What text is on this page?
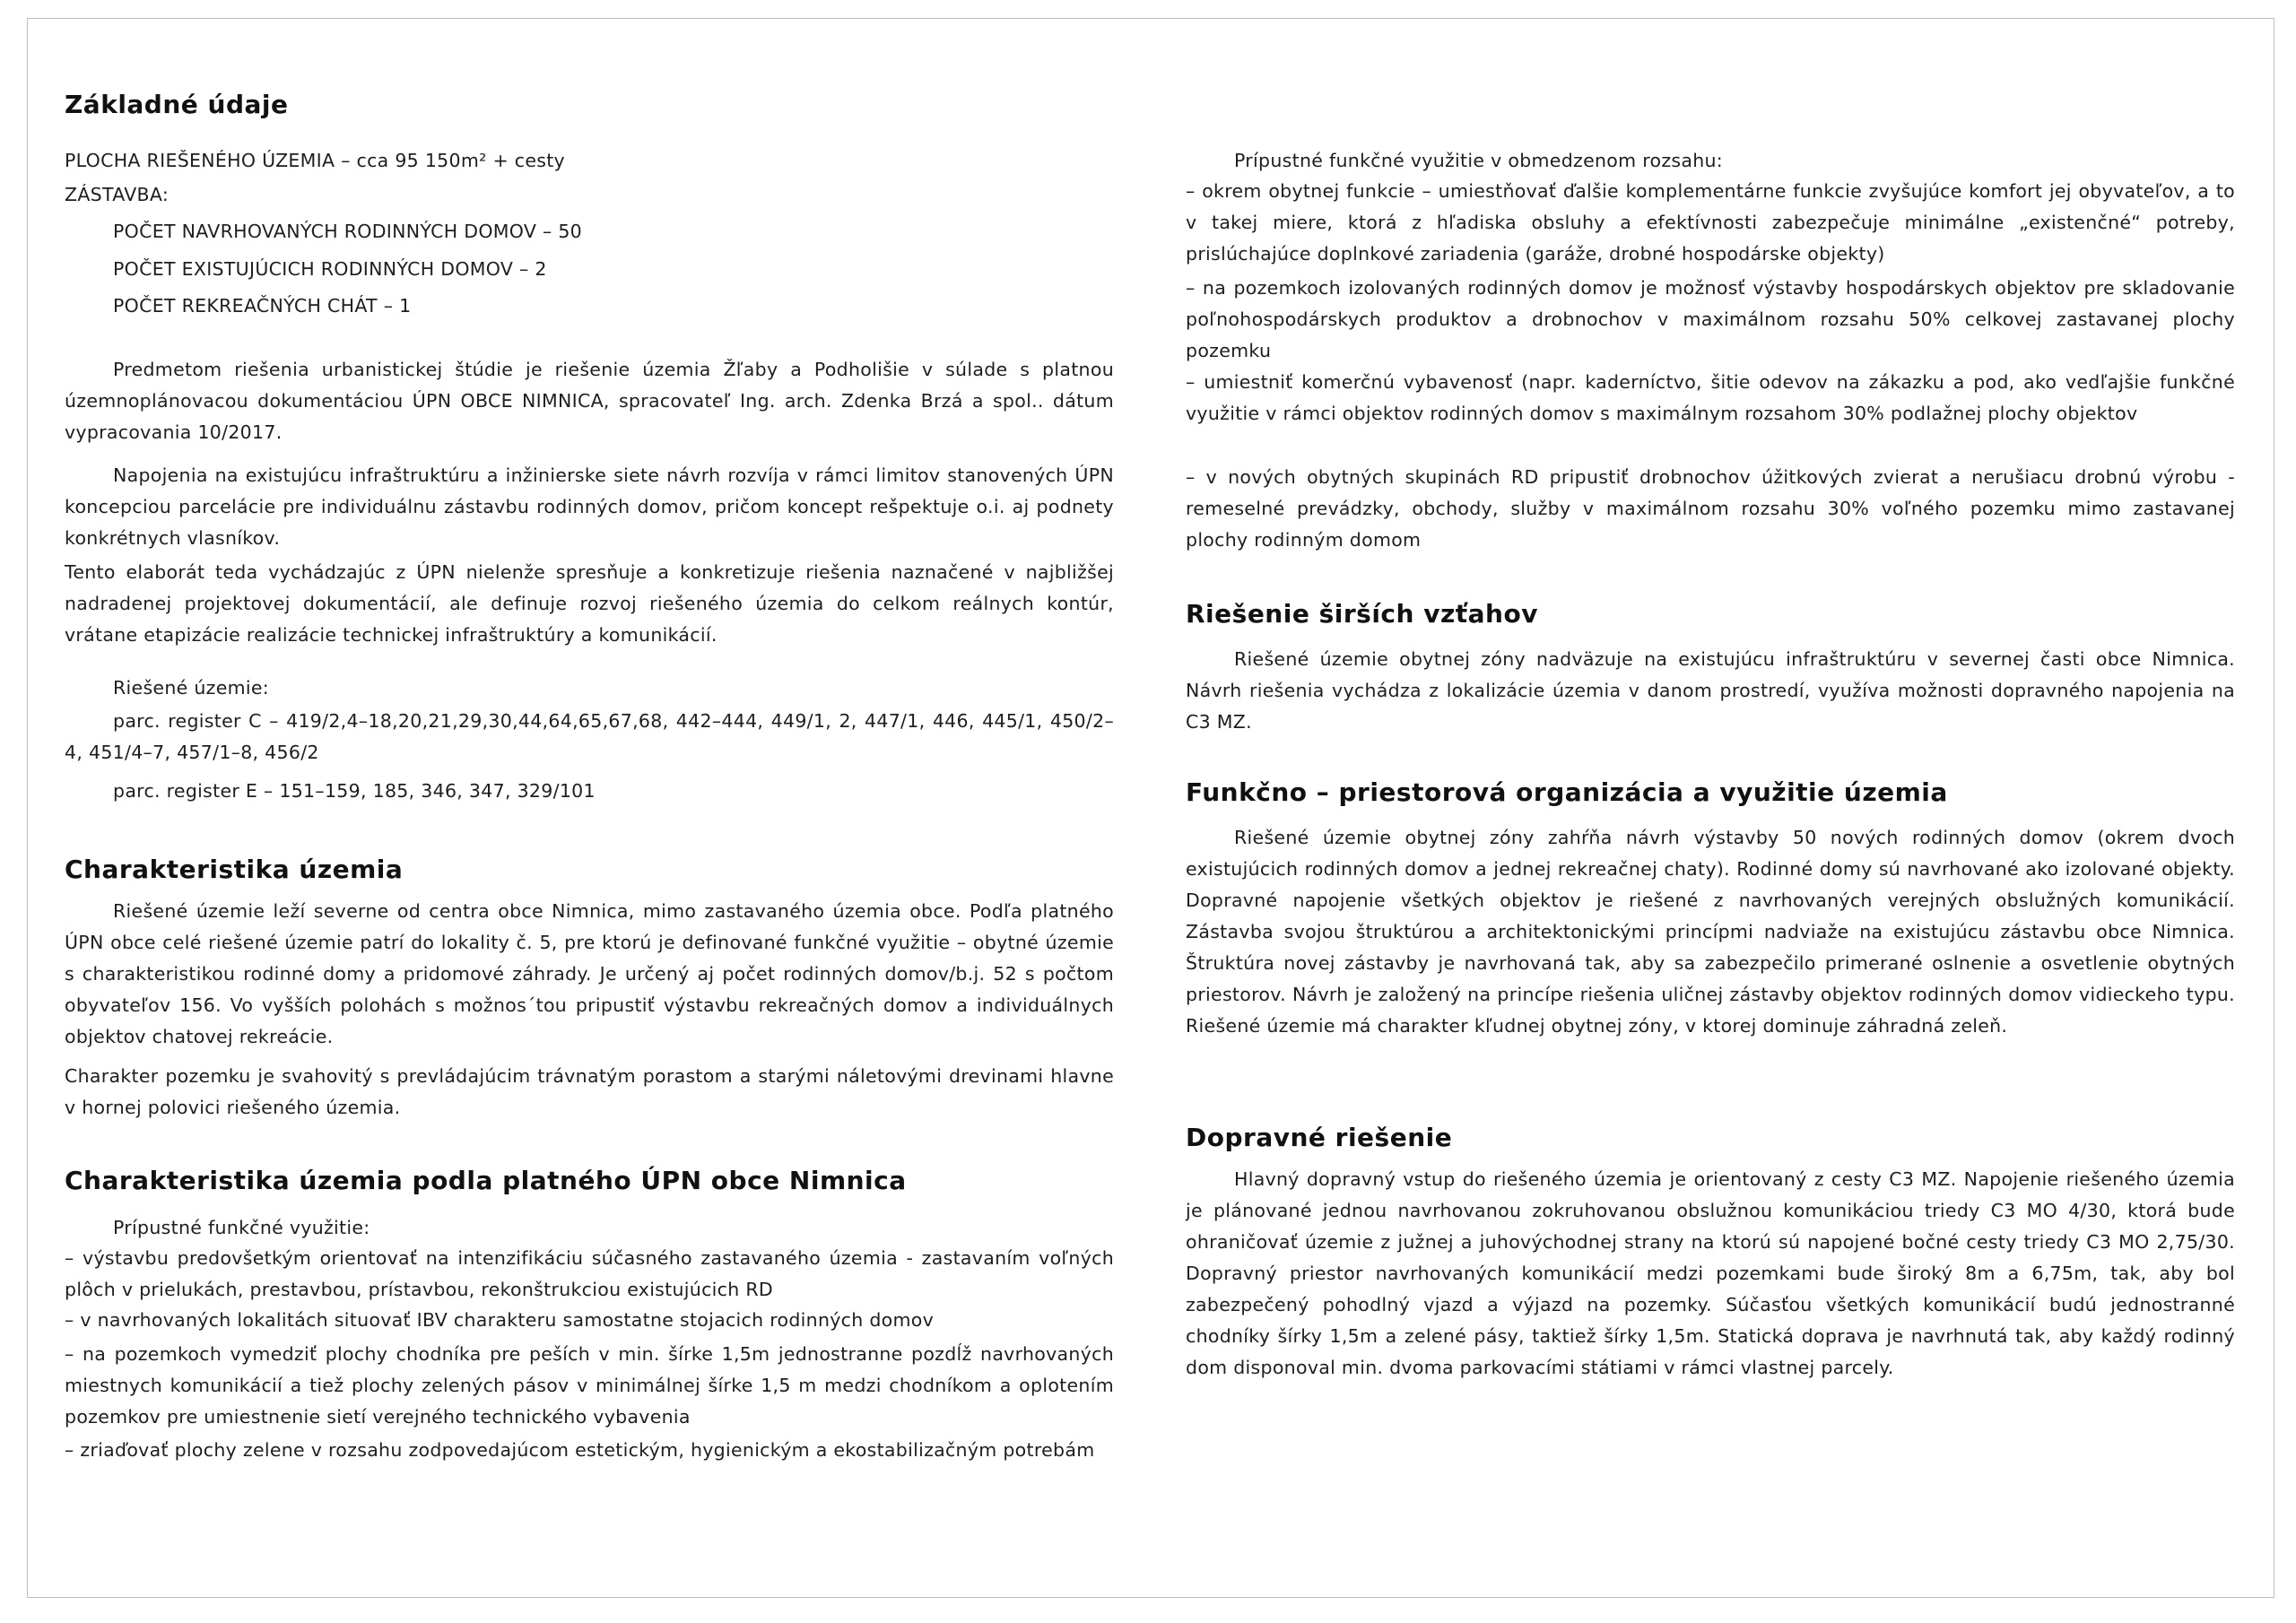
Základné údaje
PLOCHA RIEŠENÉHO ÚZEMIA – cca 95 150m² + cesty
ZÁSTAVBA:
POČET NAVRHOVANÝCH RODINNÝCH DOMOV – 50
POČET EXISTUJÚCICH RODINNÝCH DOMOV – 2
POČET REKREAČNÝCH CHÁT – 1

Predmetom riešenia urbanistickej štúdie je riešenie územia Žľaby a Podholišie v súlade s platnou územnoplánovacou dokumentáciou ÚPN OBCE NIMNICA, spracovateľ Ing. arch. Zdenka Brzá a spol.. dátum vypracovania 10/2017.

Napojenia na existujúcu infraštruktúru a inžinierske siete návrh rozvíja v rámci limitov stanovených ÚPN koncepciou parcelácie pre individuálnu zástavbu rodinných domov, pričom koncept rešpektuje o.i. aj podnety konkrétnych vlasníkov.

Tento elaborát teda vychádzajúc z ÚPN nielenže spresňuje a konkretizuje riešenia naznačené v najbližšej nadradenej projektovej dokumentácií, ale definuje rozvoj riešeného územia do celkom reálnych kontúr, vrátane etapizácie realizácie technickej infraštruktúry a komunikácií.

Riešené územie:

parc. register C – 419/2,4–18,20,21,29,30,44,64,65,67,68, 442–444, 449/1, 2, 447/1, 446, 445/1, 450/2–4, 451/4–7, 457/1–8, 456/2

parc. register E – 151–159, 185, 346, 347, 329/101
Charakteristika územia

Riešené územie leží severne od centra obce Nimnica, mimo zastavaného územia obce. Podľa platného ÚPN obce celé riešené územie patrí do lokality č. 5, pre ktorú je definované funkčné využitie – obytné územie s charakteristikou rodinné domy a pridomové záhrady. Je určený aj počet rodinných domov/b.j. 52 s počtom obyvateľov 156. Vo vyšších polohách s možnos´tou pripustiť výstavbu rekreačných domov a individuálnych objektov chatovej rekreácie.

Charakter pozemku je svahovitý s prevládajúcim trávnatým porastom a starými náletovými drevinami hlavne v hornej polovici riešeného územia.

Charakteristika územia podla platného ÚPN obce Nimnica
Prípustné funkčné využitie:

– výstavbu predovšetkým orientovať na intenzifikáciu súčasného zastavaného územia - zastavaním voľných plôch v prielukách, prestavbou, prístavbou, rekonštrukciou existujúcich RD

– v navrhovaných lokalitách situovať IBV charakteru samostatne stojacich rodinných domov

– na pozemkoch vymedziť plochy chodníka pre peších v min. šírke 1,5m jednostranne pozdĺž navrhovaných miestnych komunikácií a tiež plochy zelených pásov v minimálnej šírke 1,5 m medzi chodníkom a oplotením pozemkov pre umiestnenie sietí verejného technického vybavenia

– zriaďovať plochy zelene v rozsahu zodpovedajúcom estetickým, hygienickým a ekostabilizačným potrebám

Prípustné funkčné využitie v obmedzenom rozsahu:

– okrem obytnej funkcie – umiestňovať ďalšie komplementárne funkcie zvyšujúce komfort jej obyvateľov, a to v takej miere, ktorá z hľadiska obsluhy a efektívnosti zabezpečuje minimálne „existenčné“ potreby, prislúchajúce doplnkové zariadenia (garáže, drobné hospodárske objekty)

– na pozemkoch izolovaných rodinných domov je možnosť výstavby hospodárskych objektov pre skladovanie poľnohospodárskych produktov a drobnochov v maximálnom rozsahu 50% celkovej zastavanej plochy pozemku

– umiestniť komerčnú vybavenosť (napr. kaderníctvo, šitie odevov na zákazku a pod, ako vedľajšie funkčné využitie v rámci objektov rodinných domov s maximálnym rozsahom 30% podlažnej plochy objektov

– v nových obytných skupinách RD pripustiť drobnochov úžitkových zvierat a nerušiacu drobnú výrobu - remeselné prevádzky, obchody, služby v maximálnom rozsahu 30% voľného pozemku mimo zastavanej plochy rodinným domom

Riešenie širších vzťahov

Riešené územie obytnej zóny nadväzuje na existujúcu infraštruktúru v severnej časti obce Nimnica. Návrh riešenia vychádza z lokalizácie územia v danom prostredí, využíva možnosti dopravného napojenia na C3 MZ.

Funkčno – priestorová organizácia a využitie územia

Riešené územie obytnej zóny zahŕňa návrh výstavby 50 nových rodinných domov (okrem dvoch existujúcich rodinných domov a jednej rekreačnej chaty). Rodinné domy sú navrhované ako izolované objekty. Dopravné napojenie všetkých objektov je riešené z navrhovaných verejných obslužných komunikácií. Zástavba svojou štruktúrou a architektonickými princípmi nadviaže na existujúcu zástavbu obce Nimnica. Štruktúra novej zástavby je navrhovaná tak, aby sa zabezpečilo primerané oslnenie a osvetlenie obytných priestorov. Návrh je založený na princípe riešenia uličnej zástavby objektov rodinných domov vidieckeho typu. Riešené územie má charakter kľudnej obytnej zóny, v ktorej dominuje záhradná zeleň.

Dopravné riešenie

Hlavný dopravný vstup do riešeného územia je orientovaný z cesty C3 MZ. Napojenie riešeného územia je plánované jednou navrhovanou zokruhovanou obslužnou komunikáciou triedy C3 MO 4/30, ktorá bude ohraničovať územie z južnej a juhovýchodnej strany na ktorú sú napojené bočné cesty triedy C3 MO 2,75/30. Dopravný priestor navrhovaných komunikácií medzi pozemkami bude široký 8m a 6,75m, tak, aby bol zabezpečený pohodlný vjazd a výjazd na pozemky. Súčasťou všetkých komunikácií budú jednostranné chodníky šírky 1,5m a zelené pásy, taktiež šírky 1,5m. Statická doprava je navrhnutá tak, aby každý rodinný dom disponoval min. dvoma parkovacími státiami v rámci vlastnej parcely.
